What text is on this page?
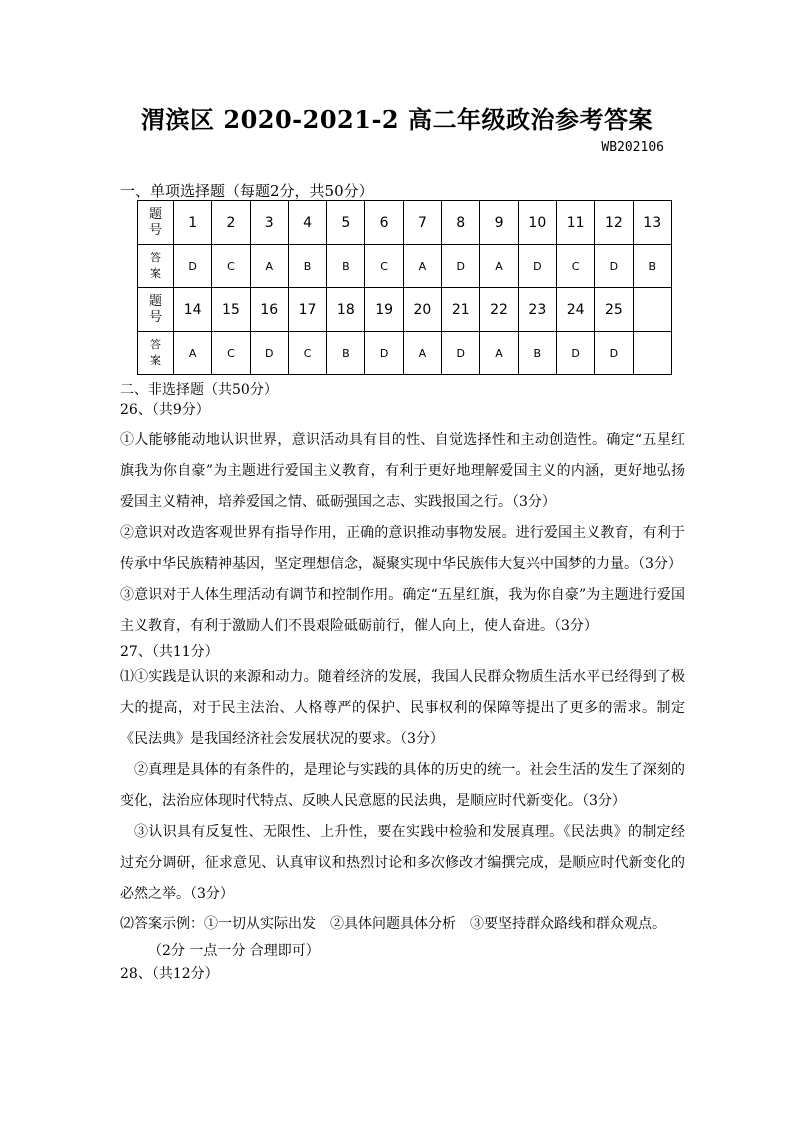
渭滨区 2020-2021-2 高二年级政治参考答案
WB202106
一、单项选择题（每题2分，共50分）
题
号	1	2	3	4	5	6	7	8	9	10	11	12	13

答
案	D	C	A	B	B	C	A	D	A	D	C	D	B

题
号	14	15	16	17	18	19	20	21	22	23	24	25	

答
案	A	C	D	C	B	D	A	D	A	B	D	D	
二、非选择题（共50分）
26、（共9分）
①人能够能动地认识世界，意识活动具有目的性、自觉选择性和主动创造性。确定“五星红旗我为你自豪”为主题进行爱国主义教育，有利于更好地理解爱国主义的内涵，更好地弘扬爱国主义精神，培养爱国之情、砥砺强国之志、实践报国之行。（3分）
②意识对改造客观世界有指导作用，正确的意识推动事物发展。进行爱国主义教育，有利于传承中华民族精神基因，坚定理想信念，凝聚实现中华民族伟大复兴中国梦的力量。（3分）
③意识对于人体生理活动有调节和控制作用。确定“五星红旗，我为你自豪”为主题进行爱国主义教育，有利于激励人们不畏艰险砥砺前行，催人向上，使人奋进。（3分）
27、（共11分）
⑴①实践是认识的来源和动力。随着经济的发展，我国人民群众物质生活水平已经得到了极大的提高，对于民主法治、人格尊严的保护、民事权利的保障等提出了更多的需求。制定《民法典》是我国经济社会发展状况的要求。（3分）
②真理是具体的有条件的，是理论与实践的具体的历史的统一。社会生活的发生了深刻的变化，法治应体现时代特点、反映人民意愿的民法典，是顺应时代新变化。（3分）
③认识具有反复性、无限性、上升性，要在实践中检验和发展真理。《民法典》的制定经过充分调研，征求意见、认真审议和热烈讨论和多次修改才编撰完成，是顺应时代新变化的必然之举。（3分）
⑵答案示例：①一切从实际出发　②具体问题具体分析　③要坚持群众路线和群众观点。
（2分 一点一分 合理即可）
28、（共12分）
